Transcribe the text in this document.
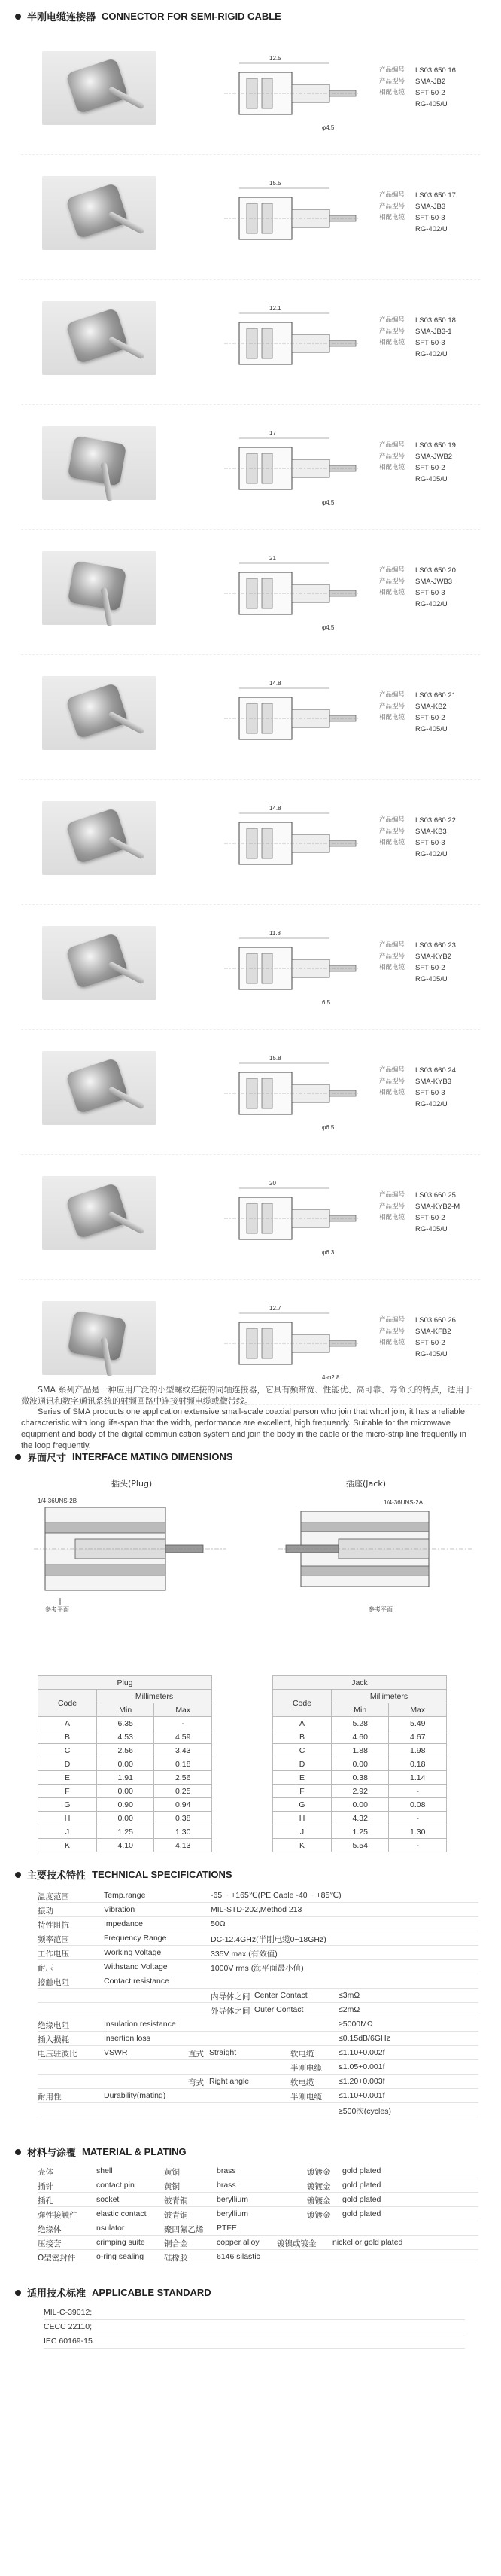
半刚电缆连接器 CONNECTOR FOR SEMI-RIGID CABLE
12.5
φ4.5
产品编号	LS03.650.16
产品型号	SMA-JB2
相配电缆	SFT-50-2
RG-405/U
15.5
产品编号	LS03.650.17
产品型号	SMA-JB3
相配电缆	SFT-50-3
RG-402/U
12.1
产品编号	LS03.650.18
产品型号	SMA-JB3-1
相配电缆	SFT-50-3
RG-402/U
17
φ4.5
产品编号	LS03.650.19
产品型号	SMA-JWB2
相配电缆	SFT-50-2
RG-405/U
21
φ4.5
产品编号	LS03.650.20
产品型号	SMA-JWB3
相配电缆	SFT-50-3
RG-402/U
14.8
产品编号	LS03.660.21
产品型号	SMA-KB2
相配电缆	SFT-50-2
RG-405/U
14.8
产品编号	LS03.660.22
产品型号	SMA-KB3
相配电缆	SFT-50-3
RG-402/U
11.8
6.5
产品编号	LS03.660.23
产品型号	SMA-KYB2
相配电缆	SFT-50-2
RG-405/U
15.8
φ6.5
产品编号	LS03.660.24
产品型号	SMA-KYB3
相配电缆	SFT-50-3
RG-402/U
20
φ6.3
产品编号	LS03.660.25
产品型号	SMA-KYB2-M
相配电缆	SFT-50-2
RG-405/U
12.7
4-φ2.8
产品编号	LS03.660.26
产品型号	SMA-KFB2
相配电缆	SFT-50-2
RG-405/U

SMA 系列产品是一种应用广泛的小型螺纹连接的同轴连接器，它具有频带宽、性能优、高可靠、寿命长的特点，适用于微波通讯和数字通讯系统的射频回路中连接射频电缆或微带线。

Series of SMA products one application extensive small-scale coaxial person who join that whorl join, it has a reliable characteristic with long life-span that the width, performance are excellent, high frequently. Suitable for the microwave equipment and body of the digital communication system and join the body in the cable or the micro-strip line frequently in the loop frequently.

界面尺寸 INTERFACE MATING DIMENSIONS
插头(Plug)	插座(Jack)
1/4-36UNS-2B
参考平面
1/4-36UNS-2A
参考平面
Plug		
Code	Millimeters	
	Min	Max
A	6.35	-
B	4.53	4.59
C	2.56	3.43
D	0.00	0.18
E	1.91	2.56
F	0.00	0.25
G	0.90	0.94
H	0.00	0.38
J	1.25	1.30
K	4.10	4.13
Jack		
Code	Millimeters	
	Min	Max
A	5.28	5.49
B	4.60	4.67
C	1.88	1.98
D	0.00	0.18
E	0.38	1.14
F	2.92	-
G	0.00	0.08
H	4.32	-
J	1.25	1.30
K	5.54	-
主要技术特性 TECHNICAL SPECIFICATIONS
温度范围	Temp.range	-65 ~ +165℃(PE Cable -40 ~ +85℃)
振动	Vibration	MIL-STD-202,Method 213
特性阻抗	Impedance	50Ω
频率范围	Frequency Range	DC-12.4GHz(半刚电缆0~18GHz)
工作电压	Working Voltage	335V max (有效值)
耐压	Withstand Voltage	1000V rms (海平面最小值)
接触电阻	Contact resistance
内导体之间 Center Contact	≤3mΩ
外导体之间 Outer Contact	≤2mΩ
绝缘电阻	Insulation resistance	≥5000MΩ
插入损耗	Insertion loss	≤0.15dB/6GHz
电压驻波比	VSWR	直式 Straight	软电缆	≤1.10+0.002f
半刚电缆 ≤1.05+0.001f
弯式 Right angle	软电缆	≤1.20+0.003f
耐用性	Durability(mating)	半刚电缆 ≤1.10+0.001f
≥500次(cycles)
材料与涂覆 MATERIAL & PLATING
壳体	shell	黄铜	brass	镀镀金 gold plated
插针	contact pin	黄铜	brass	镀镀金 gold plated
插孔	socket	铍青铜	beryllium	镀镀金 gold plated
弹性接触件 elastic contact 铍青铜	beryllium	镀镀金 gold plated
绝缘体	nsulator	聚四氟乙烯 PTFE
压接套	crimping suite 铜合金	copper alloy 镀镍或镀金 nickel or gold plated
O型密封件	o-ring sealing	硅橡胶	6146 silastic
适用技术标准 APPLICABLE STANDARD
MIL-C-39012;
CECC 22110;
IEC 60169-15.
